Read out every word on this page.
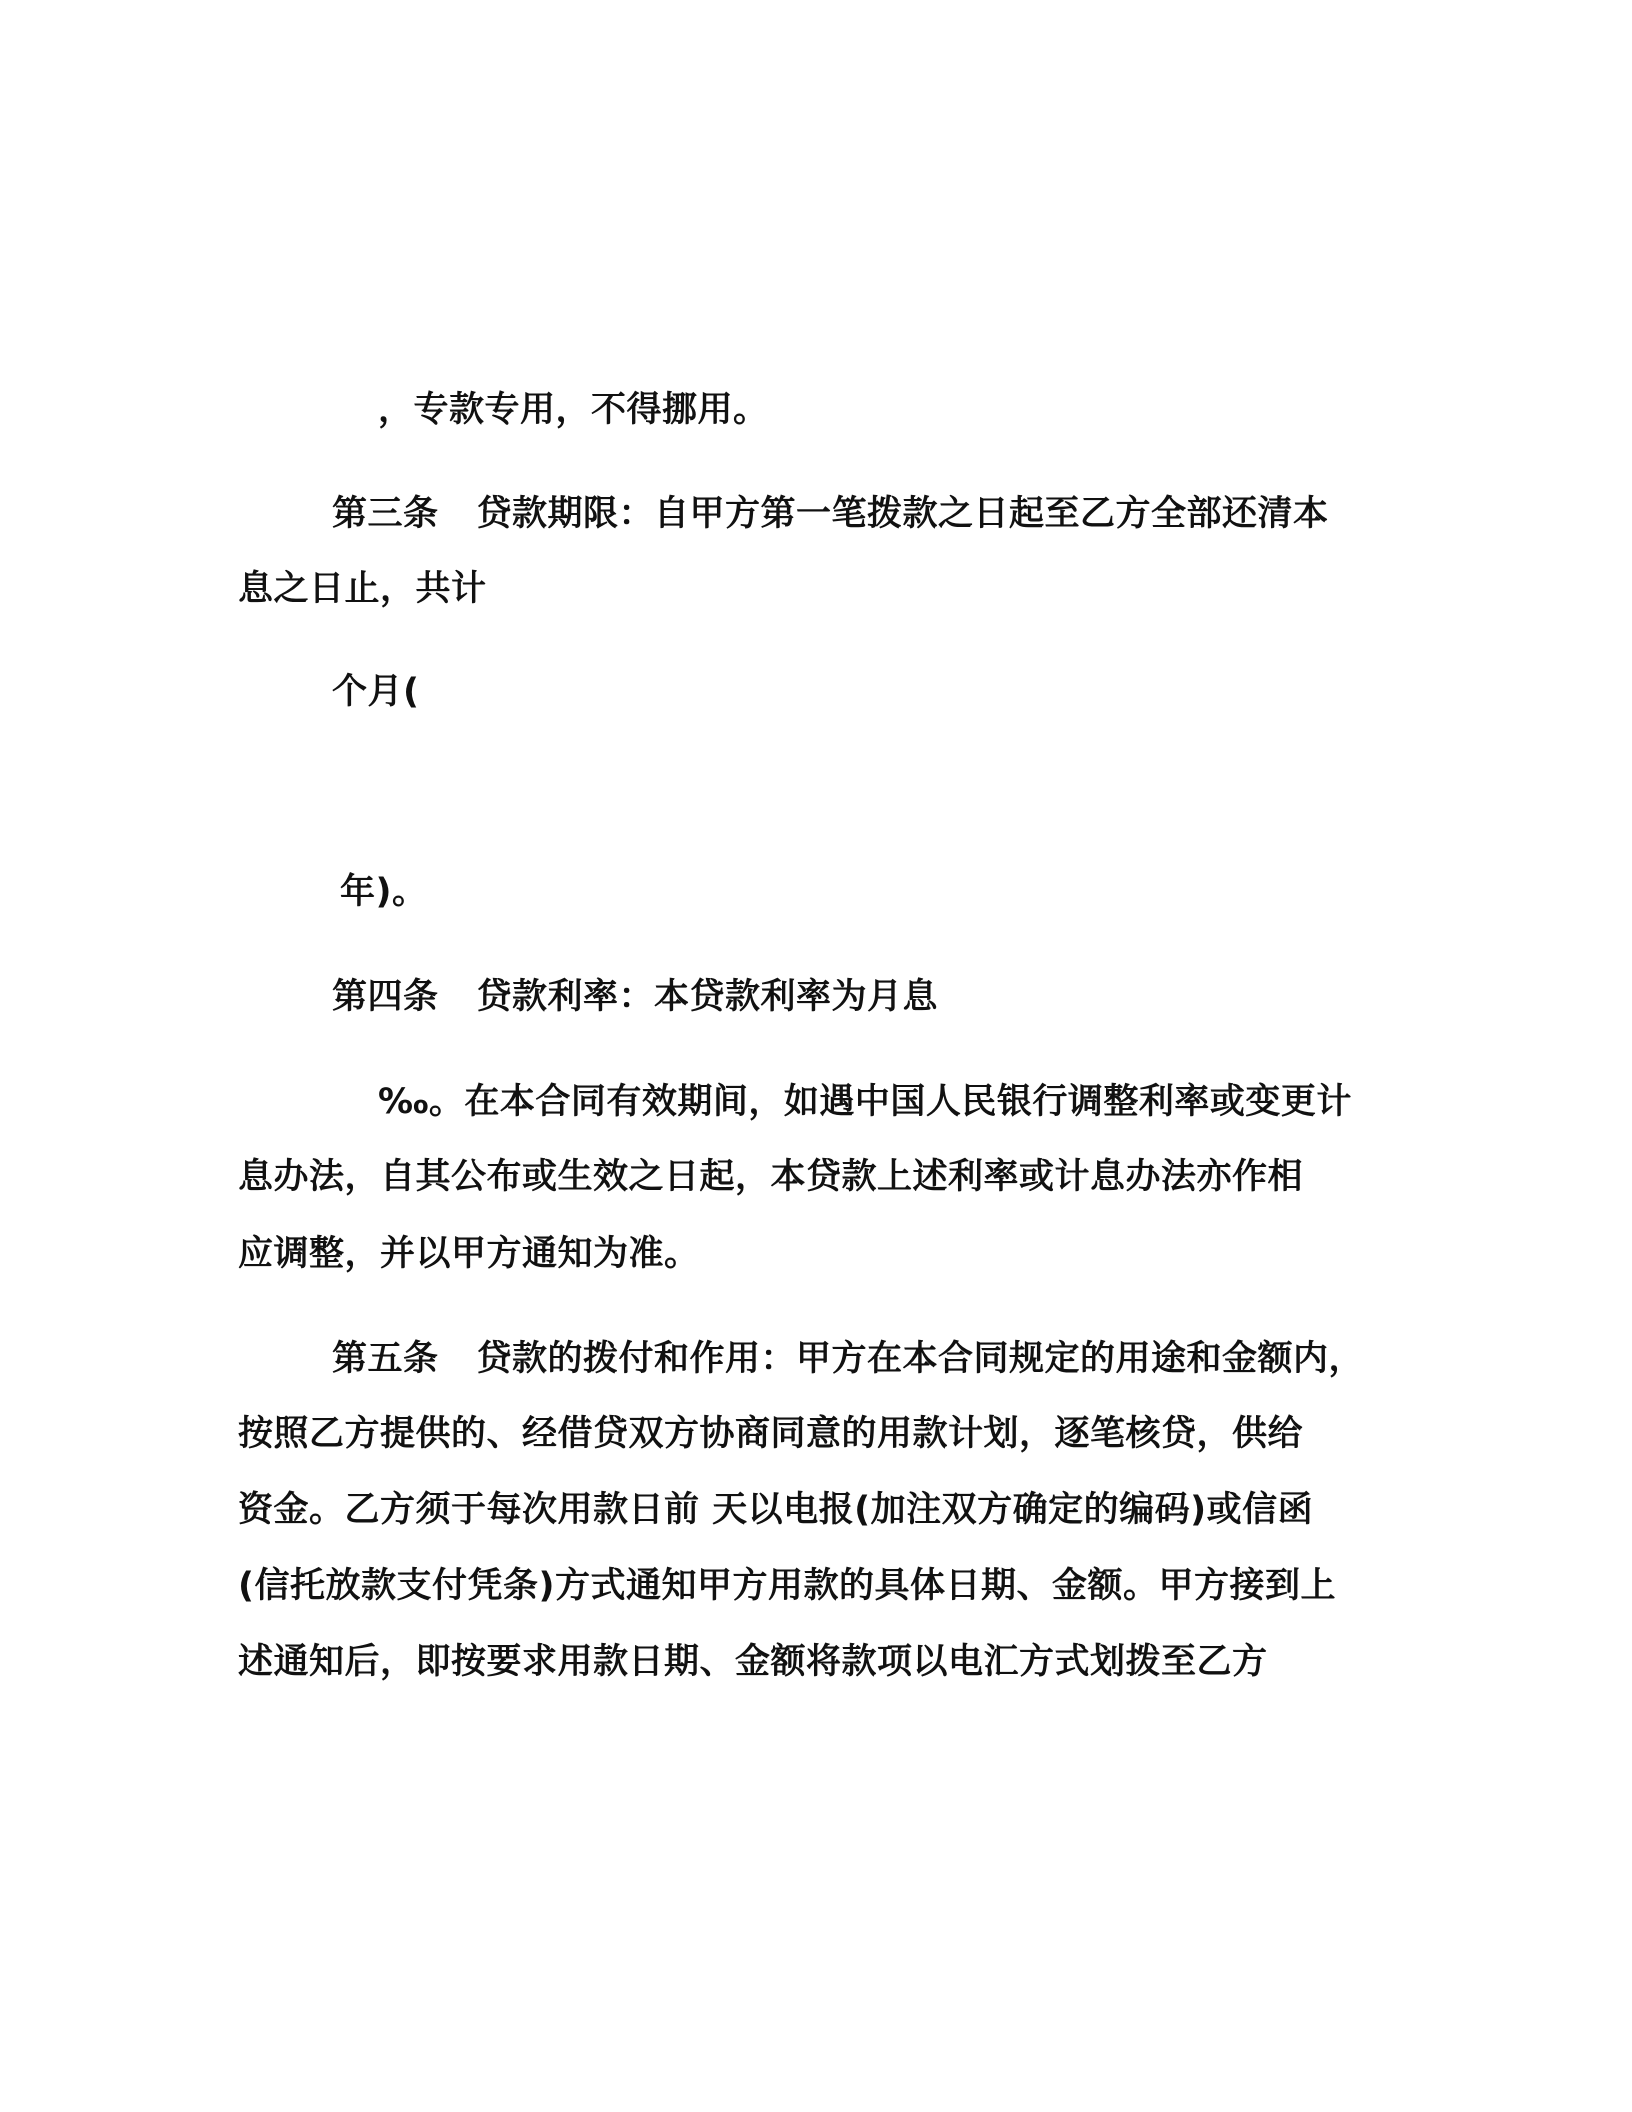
，专款专用，不得挪用。
第三条 贷款期限：自甲方第一笔拨款之日起至乙方全部还清本
息之日止，共计
个月(
年)。
第四条 贷款利率：本贷款利率为月息
‰。在本合同有效期间，如遇中国人民银行调整利率或变更计
息办法，自其公布或生效之日起，本贷款上述利率或计息办法亦作相
应调整，并以甲方通知为准。
第五条 贷款的拨付和作用：甲方在本合同规定的用途和金额内，
按照乙方提供的、经借贷双方协商同意的用款计划，逐笔核贷，供给
资金。乙方须于每次用款日前 天以电报(加注双方确定的编码)或信函
(信托放款支付凭条)方式通知甲方用款的具体日期、金额。甲方接到上
述通知后，即按要求用款日期、金额将款项以电汇方式划拨至乙方
